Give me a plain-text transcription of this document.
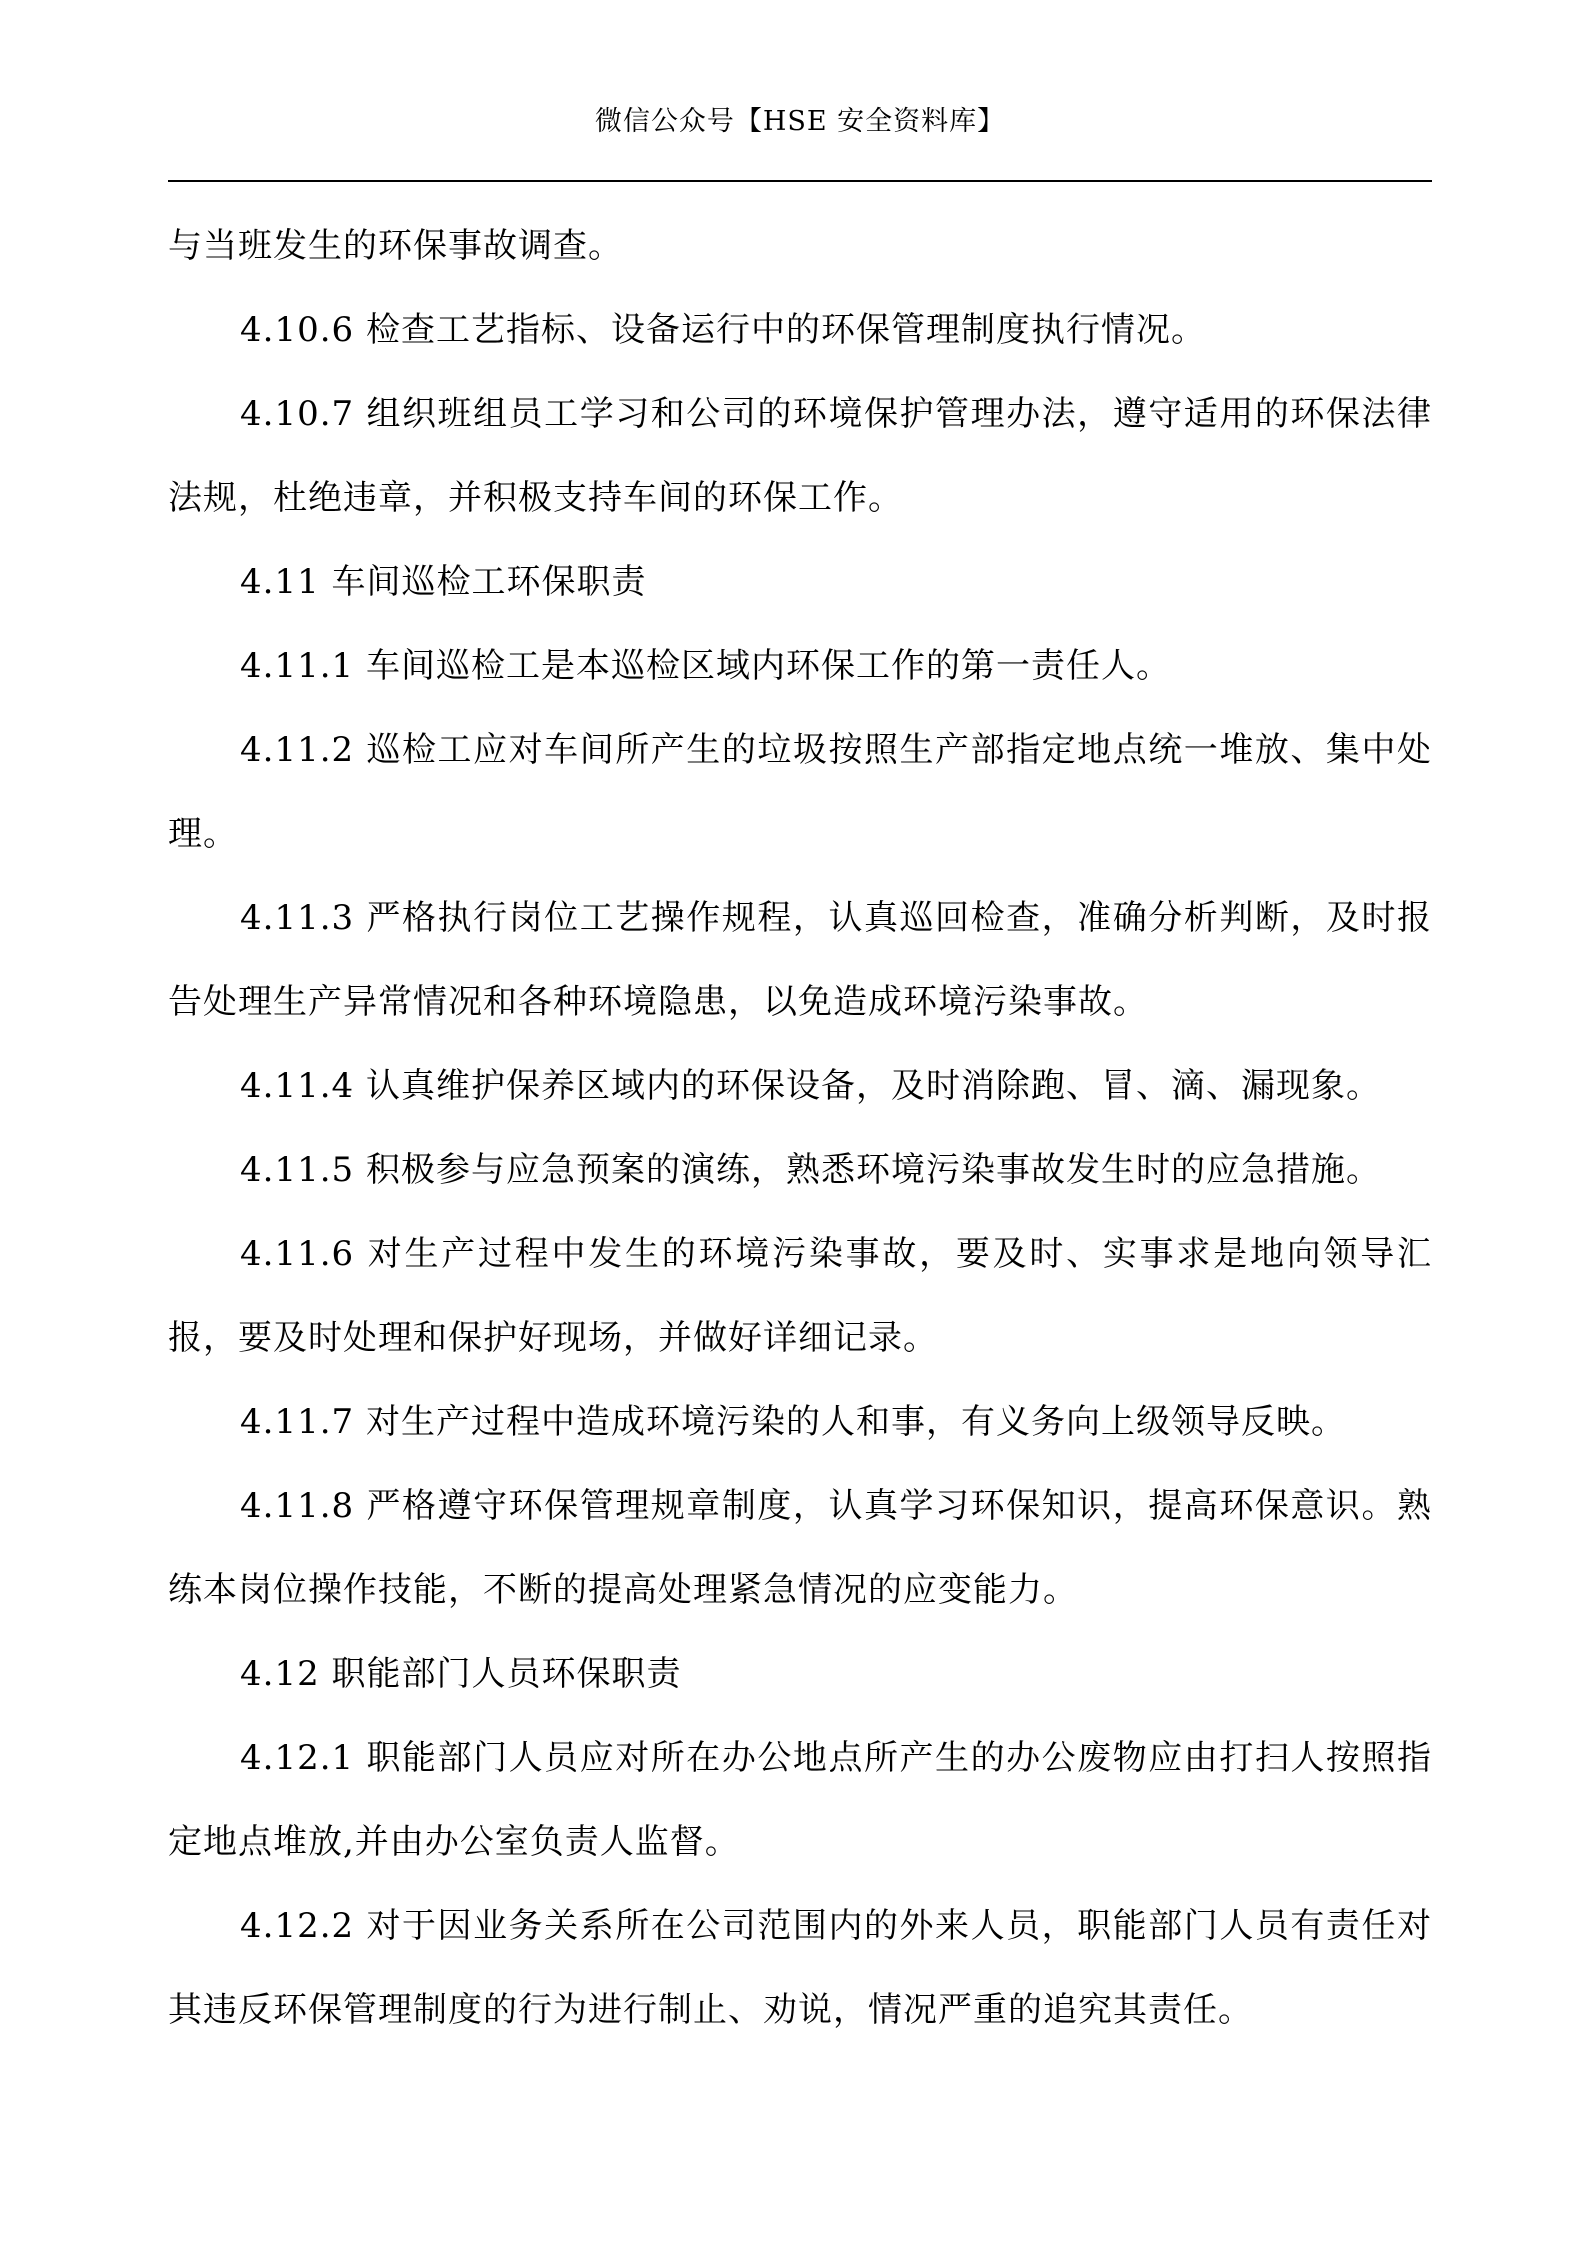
微信公众号【HSE 安全资料库】

与当班发生的环保事故调查。

4.10.6 检查工艺指标、设备运行中的环保管理制度执行情况。

4.10.7 组织班组员工学习和公司的环境保护管理办法，遵守适用的环保法律法规，杜绝违章，并积极支持车间的环保工作。

4.11 车间巡检工环保职责

4.11.1 车间巡检工是本巡检区域内环保工作的第一责任人。

4.11.2 巡检工应对车间所产生的垃圾按照生产部指定地点统一堆放、集中处理。

4.11.3 严格执行岗位工艺操作规程，认真巡回检查，准确分析判断，及时报告处理生产异常情况和各种环境隐患，以免造成环境污染事故。

4.11.4 认真维护保养区域内的环保设备，及时消除跑、冒、滴、漏现象。

4.11.5 积极参与应急预案的演练，熟悉环境污染事故发生时的应急措施。

4.11.6 对生产过程中发生的环境污染事故，要及时、实事求是地向领导汇报，要及时处理和保护好现场，并做好详细记录。

4.11.7 对生产过程中造成环境污染的人和事，有义务向上级领导反映。

4.11.8 严格遵守环保管理规章制度，认真学习环保知识，提高环保意识。熟练本岗位操作技能，不断的提高处理紧急情况的应变能力。

4.12 职能部门人员环保职责

4.12.1 职能部门人员应对所在办公地点所产生的办公废物应由打扫人按照指定地点堆放,并由办公室负责人监督。

4.12.2 对于因业务关系所在公司范围内的外来人员，职能部门人员有责任对其违反环保管理制度的行为进行制止、劝说，情况严重的追究其责任。
